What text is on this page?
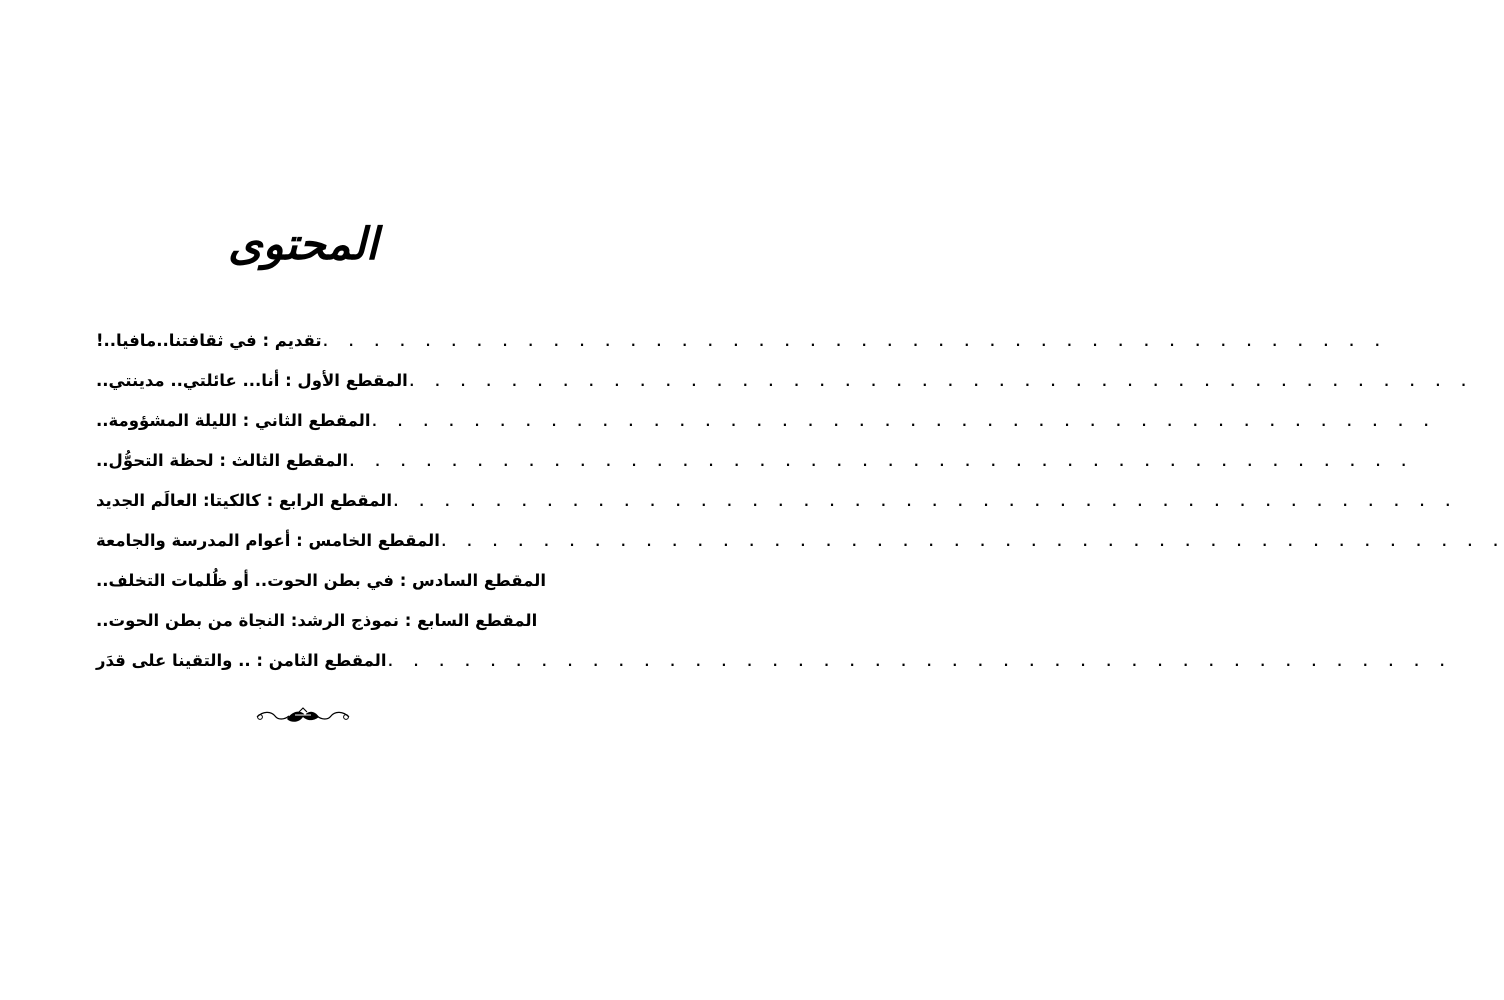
المحتوى
تقديم : في ثقافتنا..مافيا..! . . . . . . . . . . . . . . . . . . . . . . . . . . . . . . . . . . . . . . . . . .
المقطع الأول : أنا... عائلتي.. مدينتي.. . . . . . . . . . . . . . . . . . . . . . . . . . . . . . . . . . . . . . . . . . .
المقطع الثاني : الليلة المشؤومة.. . . . . . . . . . . . . . . . . . . . . . . . . . . . . . . . . . . . . . . . . . .
المقطع الثالث : لحظة التحوُّل.. . . . . . . . . . . . . . . . . . . . . . . . . . . . . . . . . . . . . . . . . . .
المقطع الرابع : كالكيتا: العالَم الجديد . . . . . . . . . . . . . . . . . . . . . . . . . . . . . . . . . . . . . . . . . .
المقطع الخامس : أعوام المدرسة والجامعة . . . . . . . . . . . . . . . . . . . . . . . . . . . . . . . . . . . . . . . . . .
المقطع السادس : في بطن الحوت.. أو ظُلمات التخلف..
المقطع السابع : نموذج الرشد: النجاة من بطن الحوت..
المقطع الثامن : .. والتقينا على قدَر . . . . . . . . . . . . . . . . . . . . . . . . . . . . . . . . . . . . . . . . . .
